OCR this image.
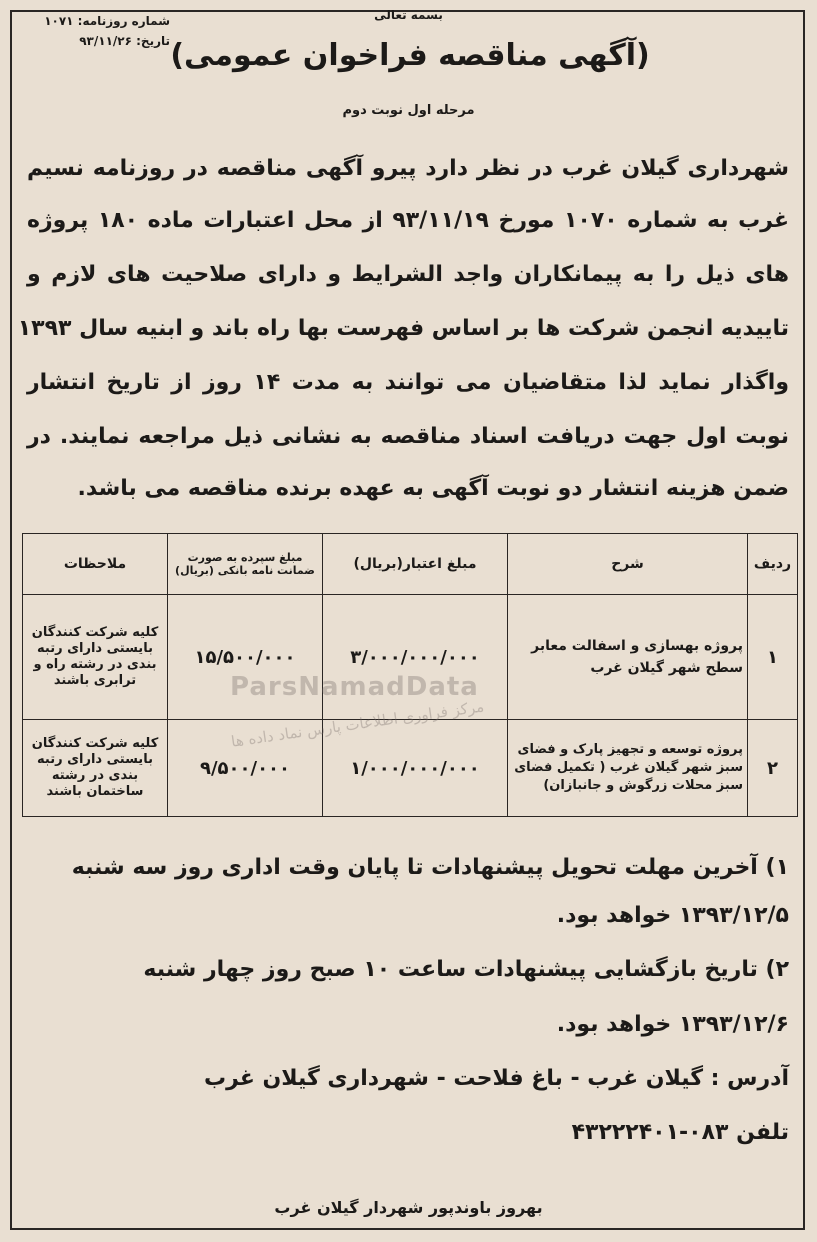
بسمه تعالی
شماره روزنامه: ۱۰۷۱
تاریخ: ۹۳/۱۱/۲۶ (آگهی مناقصه فراخوان عمومی)
مرحله اول نوبت دوم
شهرداری گیلان غرب در نظر دارد پیرو آگهی مناقصه در روزنامه نسیم
غرب به شماره ۱۰۷۰ مورخ ۹۳/۱۱/۱۹ از محل اعتبارات ماده ۱۸۰ پروژه
های ذیل را به پیمانکاران واجد الشرایط و دارای صلاحیت های لازم و
تاییدیه انجمن شرکت ها بر اساس فهرست بها راه باند و ابنیه سال ۱۳۹۳
واگذار نماید لذا متقاضیان می توانند به مدت ۱۴ روز از تاریخ انتشار
نوبت اول جهت دریافت اسناد مناقصه به نشانی ذیل مراجعه نمایند. در
ضمن هزینه انتشار دو نوبت آگهی به عهده برنده مناقصه می باشد.
ردیف	شرح	مبلغ اعتبار(بریال)	مبلغ سپرده به صورت ضمانت نامه بانکی (بریال)	ملاحظات
۱	پروژه بهسازی و اسفالت معابر سطح شهر گیلان غرب	۳/۰۰۰/۰۰۰/۰۰۰	۱۵/۵۰۰/۰۰۰	کلیه شرکت کنندگان بایستی دارای رتبه بندی در رشته راه و ترابری باشند
۲	پروژه توسعه و تجهیز پارک و فضای سبز شهر گیلان غرب ( تکمیل فضای سبز محلات زرگوش و جانبازان)	۱/۰۰۰/۰۰۰/۰۰۰	۹/۵۰۰/۰۰۰	کلیه شرکت کنندگان بایستی دارای رتبه بندی در رشته ساختمان باشند
ParsNamadData
مرکز فراوری اطلاعات پارس نماد داده ها
۱) آخرین مهلت تحویل پیشنهادات تا پایان وقت اداری روز سه شنبه
۱۳۹۳/۱۲/۵ خواهد بود.
۲) تاریخ بازگشایی پیشنهادات ساعت ۱۰ صبح روز چهار شنبه
۱۳۹۳/۱۲/۶ خواهد بود.
آدرس : گیلان غرب - باغ فلاحت - شهرداری گیلان غرب
تلفن ۰۸۳-۴۳۲۲۲۴۰۱
بهروز باوندپور شهردار گیلان غرب
